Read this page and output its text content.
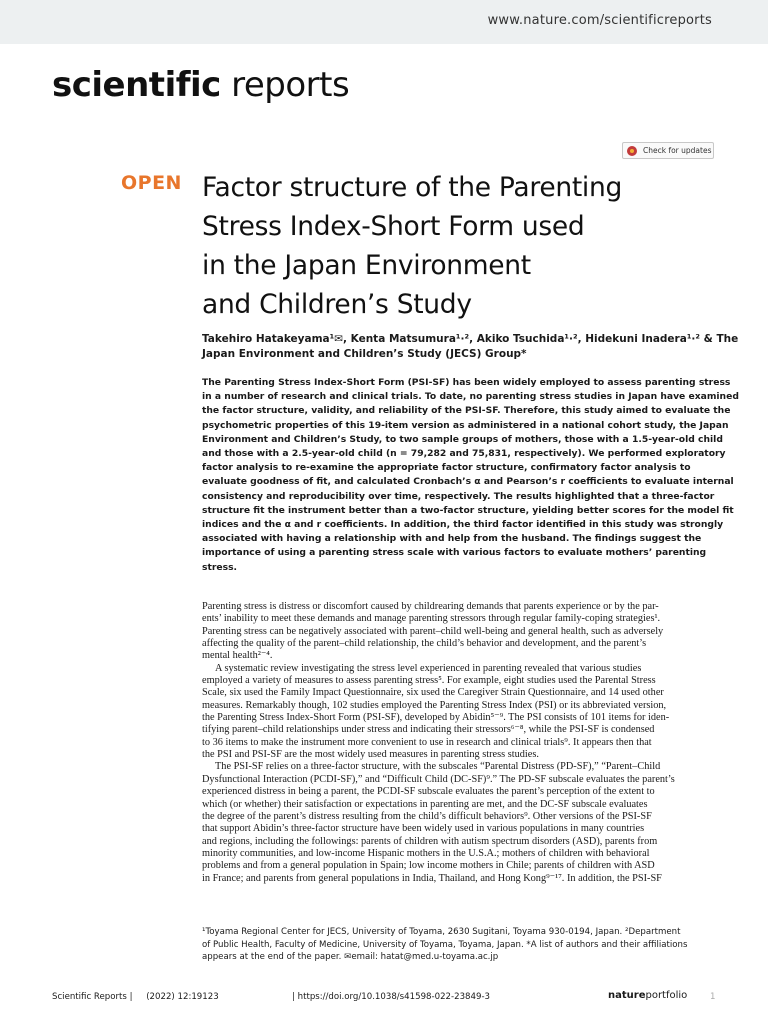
www.nature.com/scientificreports
scientific reports
Check for updates
OPEN Factor structure of the Parenting
Stress Index-Short Form used
in the Japan Environment
and Children’s Study
Takehiro Hatakeyama¹✉, Kenta Matsumura¹·², Akiko Tsuchida¹·², Hidekuni Inadera¹·² & The
Japan Environment and Children’s Study (JECS) Group*
The Parenting Stress Index-Short Form (PSI-SF) has been widely employed to assess parenting stress
in a number of research and clinical trials. To date, no parenting stress studies in Japan have examined
the factor structure, validity, and reliability of the PSI-SF. Therefore, this study aimed to evaluate the
psychometric properties of this 19-item version as administered in a national cohort study, the Japan
Environment and Children’s Study, to two sample groups of mothers, those with a 1.5-year-old child
and those with a 2.5-year-old child (n = 79,282 and 75,831, respectively). We performed exploratory
factor analysis to re-examine the appropriate factor structure, confirmatory factor analysis to
evaluate goodness of fit, and calculated Cronbach’s α and Pearson’s r coefficients to evaluate internal
consistency and reproducibility over time, respectively. The results highlighted that a three-factor
structure fit the instrument better than a two-factor structure, yielding better scores for the model fit
indices and the α and r coefficients. In addition, the third factor identified in this study was strongly
associated with having a relationship with and help from the husband. The findings suggest the
importance of using a parenting stress scale with various factors to evaluate mothers’ parenting
stress.
Parenting stress is distress or discomfort caused by childrearing demands that parents experience or by the par-
ents’ inability to meet these demands and manage parenting stressors through regular family-coping strategies¹.
Parenting stress can be negatively associated with parent–child well-being and general health, such as adversely
affecting the quality of the parent–child relationship, the child’s behavior and development, and the parent’s
mental health²⁻⁴.
A systematic review investigating the stress level experienced in parenting revealed that various studies
employed a variety of measures to assess parenting stress⁵. For example, eight studies used the Parental Stress
Scale, six used the Family Impact Questionnaire, six used the Caregiver Strain Questionnaire, and 14 used other
measures. Remarkably though, 102 studies employed the Parenting Stress Index (PSI) or its abbreviated version,
the Parenting Stress Index-Short Form (PSI-SF), developed by Abidin⁵⁻⁹. The PSI consists of 101 items for iden-
tifying parent–child relationships under stress and indicating their stressors⁶⁻⁸, while the PSI-SF is condensed
to 36 items to make the instrument more convenient to use in research and clinical trials⁹. It appears then that
the PSI and PSI-SF are the most widely used measures in parenting stress studies.
The PSI-SF relies on a three-factor structure, with the subscales “Parental Distress (PD-SF),” “Parent–Child
Dysfunctional Interaction (PCDI-SF),” and “Difficult Child (DC-SF)⁹.” The PD-SF subscale evaluates the parent’s
experienced distress in being a parent, the PCDI-SF subscale evaluates the parent’s perception of the extent to
which (or whether) their satisfaction or expectations in parenting are met, and the DC-SF subscale evaluates
the degree of the parent’s distress resulting from the child’s difficult behaviors⁹. Other versions of the PSI-SF
that support Abidin’s three-factor structure have been widely used in various populations in many countries
and regions, including the followings: parents of children with autism spectrum disorders (ASD), parents from
minority communities, and low-income Hispanic mothers in the U.S.A.; mothers of children with behavioral
problems and from a general population in Spain; low income mothers in Chile; parents of children with ASD
in France; and parents from general populations in India, Thailand, and Hong Kong⁹⁻¹⁷. In addition, the PSI-SF
¹Toyama Regional Center for JECS, University of Toyama, 2630 Sugitani, Toyama 930-0194, Japan. ²Department
of Public Health, Faculty of Medicine, University of Toyama, Toyama, Japan. *A list of authors and their affiliations
appears at the end of the paper. ✉email: hatat@med.u-toyama.ac.jp
Scientific Reports | (2022) 12:19123	| https://doi.org/10.1038/s41598-022-23849-3	natureportfolio	1
